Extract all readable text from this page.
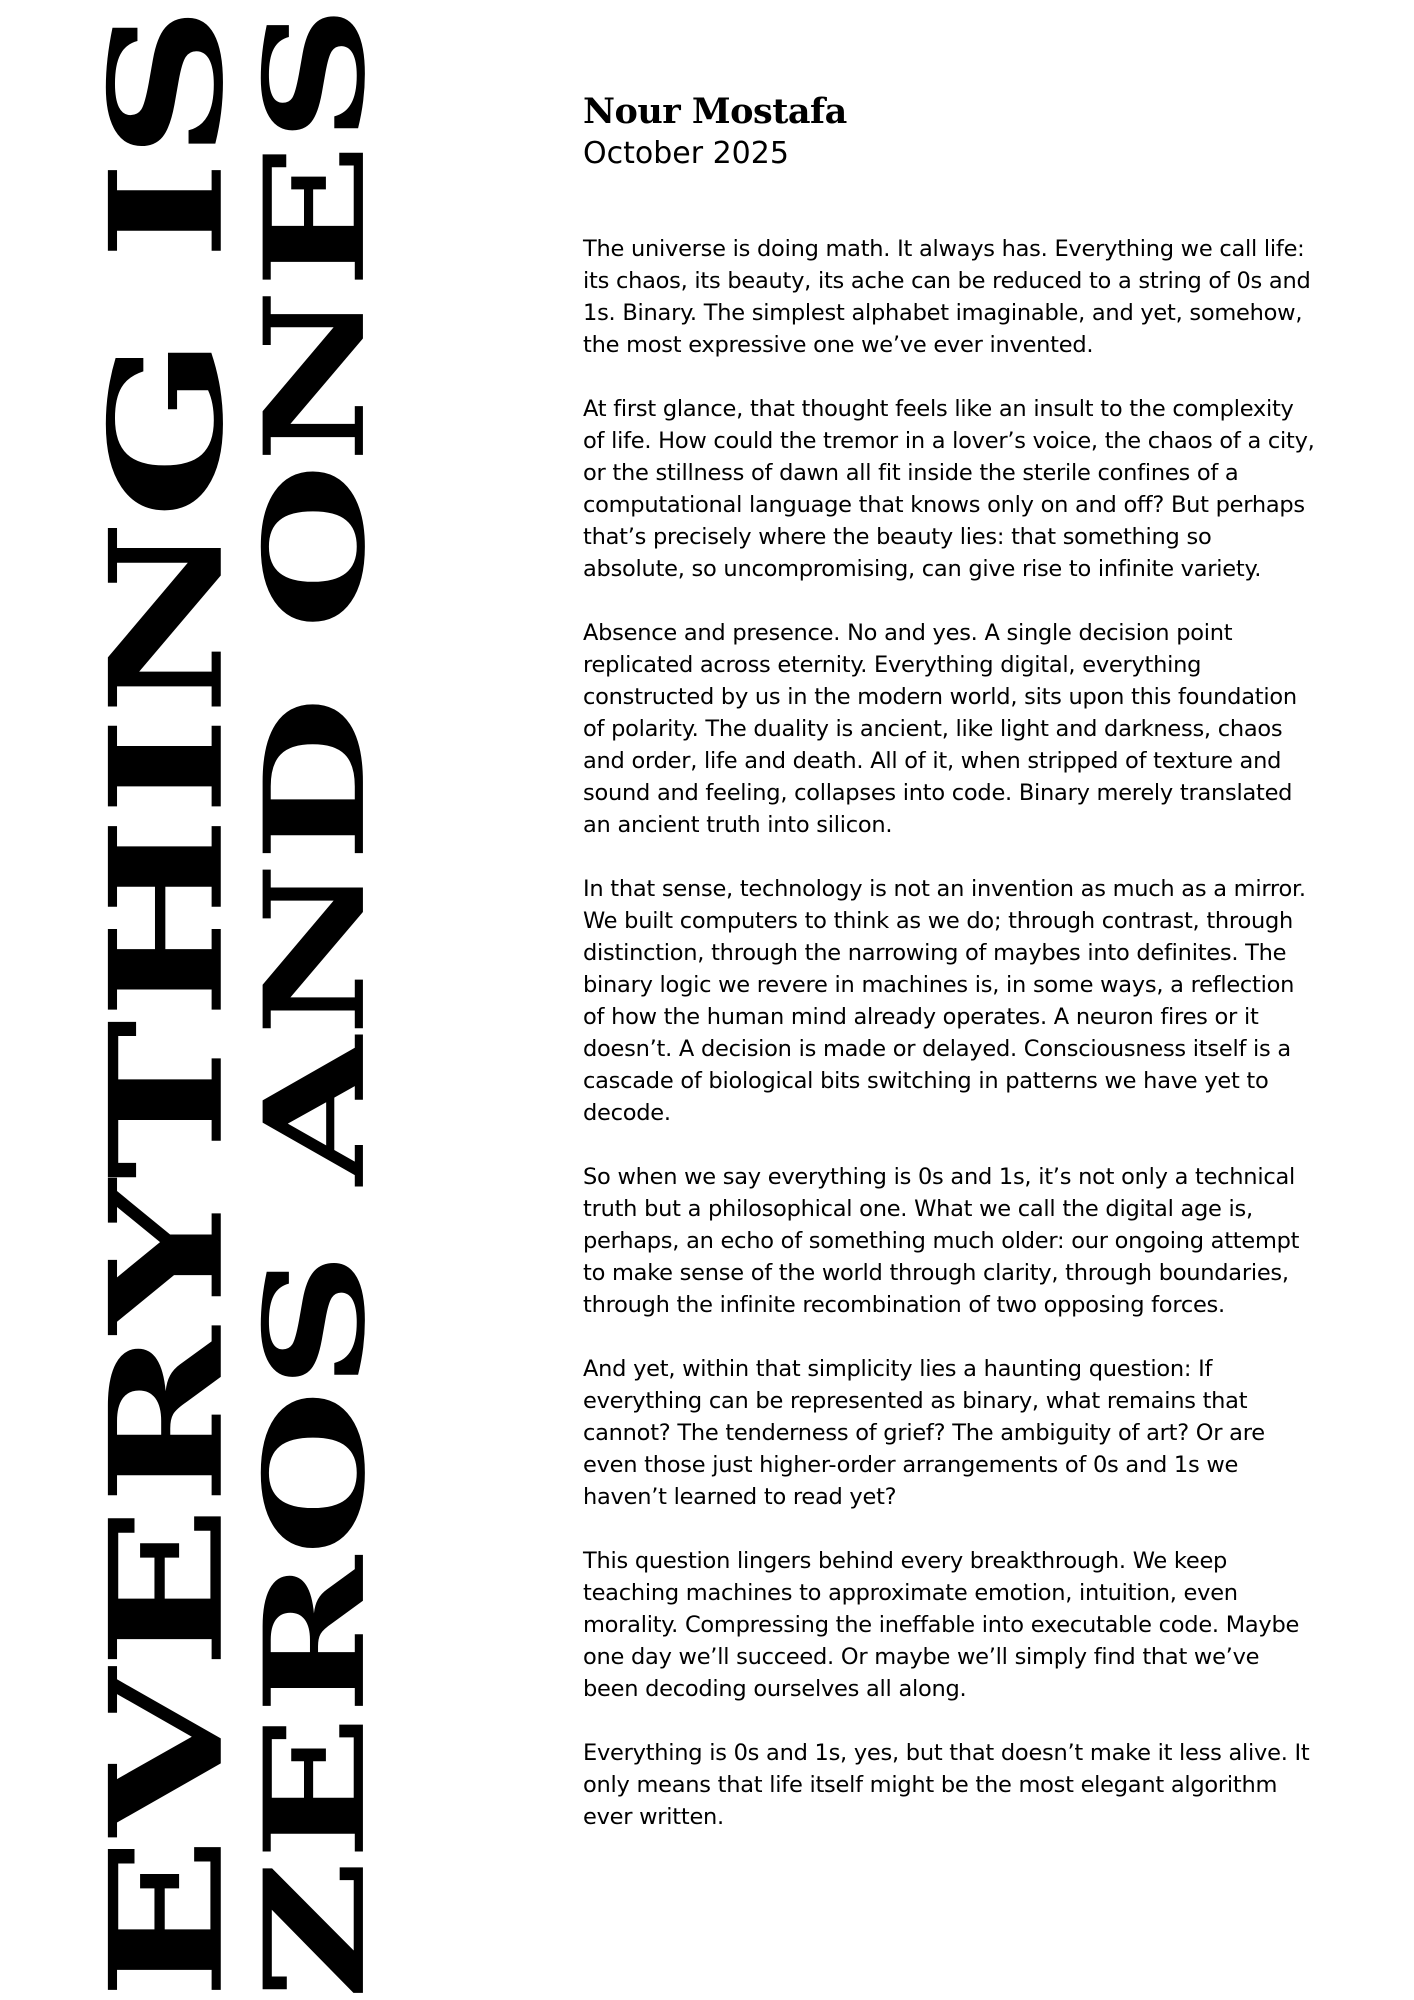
EVERYTHING IS
ZEROS AND ONES	Nour Mostafa

October 2025

The universe is doing math. It always has. Everything we call life: its chaos, its beauty, its ache can be reduced to a string of 0s and 1s. Binary. The simplest alphabet imaginable, and yet, somehow, the most expressive one we’ve ever invented.

At first glance, that thought feels like an insult to the complexity of life. How could the tremor in a lover’s voice, the chaos of a city, or the stillness of dawn all fit inside the sterile confines of a computational language that knows only on and off? But perhaps that’s precisely where the beauty lies: that something so absolute, so uncompromising, can give rise to infinite variety.

Absence and presence. No and yes. A single decision point replicated across eternity. Everything digital, everything constructed by us in the modern world, sits upon this foundation of polarity. The duality is ancient, like light and darkness, chaos and order, life and death. All of it, when stripped of texture and sound and feeling, collapses into code. Binary merely translated an ancient truth into silicon.

In that sense, technology is not an invention as much as a mirror. We built computers to think as we do; through contrast, through distinction, through the narrowing of maybes into definites. The binary logic we revere in machines is, in some ways, a reflection of how the human mind already operates. A neuron fires or it doesn’t. A decision is made or delayed. Consciousness itself is a cascade of biological bits switching in patterns we have yet to decode.

So when we say everything is 0s and 1s, it’s not only a technical truth but a philosophical one. What we call the digital age is, perhaps, an echo of something much older: our ongoing attempt to make sense of the world through clarity, through boundaries, through the infinite recombination of two opposing forces.

And yet, within that simplicity lies a haunting question: If everything can be represented as binary, what remains that cannot? The tenderness of grief? The ambiguity of art? Or are even those just higher-order arrangements of 0s and 1s we haven’t learned to read yet?

This question lingers behind every breakthrough. We keep teaching machines to approximate emotion, intuition, even morality. Compressing the ineffable into executable code. Maybe one day we’ll succeed. Or maybe we’ll simply find that we’ve been decoding ourselves all along.

Everything is 0s and 1s, yes, but that doesn’t make it less alive. It only means that life itself might be the most elegant algorithm ever written.
